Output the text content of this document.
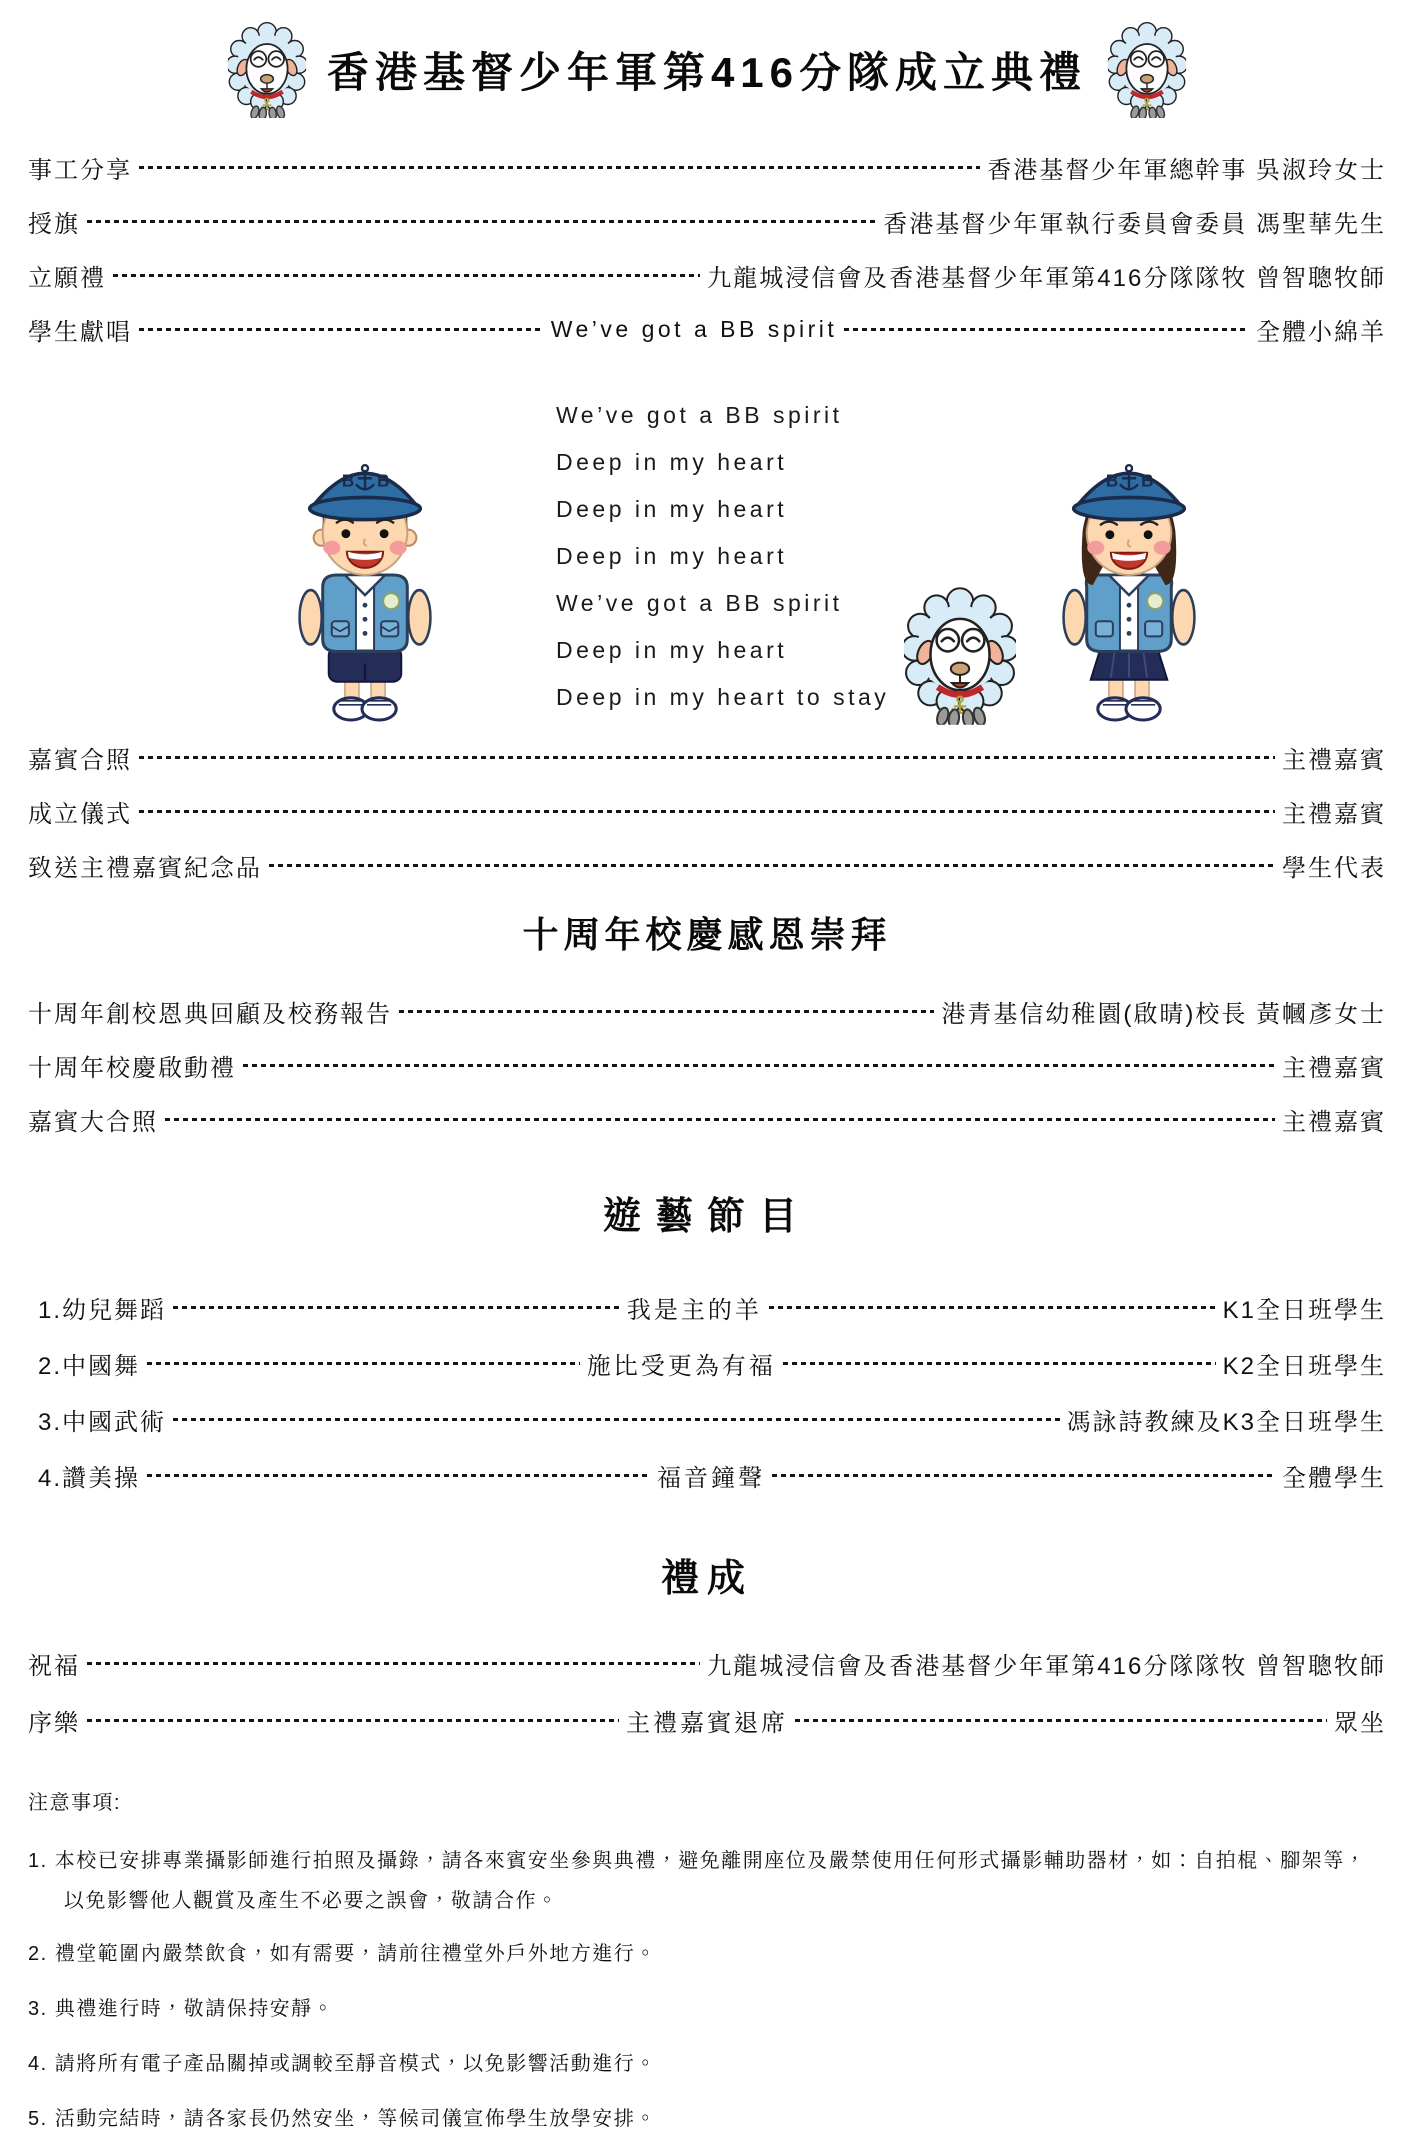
香港基督少年軍第416分隊成立典禮
事工分享	香港基督少年軍總幹事 吳淑玲女士
授旗	香港基督少年軍執行委員會委員 馮聖華先生
立願禮	九龍城浸信會及香港基督少年軍第416分隊隊牧 曾智聰牧師
學生獻唱	We’ve got a BB spirit	全體小綿羊
We’ve got a BB spirit
Deep in my heart
Deep in my heart
Deep in my heart
We’ve got a BB spirit
Deep in my heart
Deep in my heart to stay
嘉賓合照	主禮嘉賓
成立儀式	主禮嘉賓
致送主禮嘉賓紀念品	學生代表
十周年校慶感恩崇拜
十周年創校恩典回顧及校務報告	港青基信幼稚園(啟晴)校長 黃幗彥女士
十周年校慶啟動禮	主禮嘉賓
嘉賓大合照	主禮嘉賓
遊藝節目
1.幼兒舞蹈	我是主的羊	K1全日班學生
2.中國舞	施比受更為有福	K2全日班學生
3.中國武術	馮詠詩教練及K3全日班學生
4.讚美操	福音鐘聲	全體學生
禮成
祝福	九龍城浸信會及香港基督少年軍第416分隊隊牧 曾智聰牧師
序樂	主禮嘉賓退席	眾坐
注意事項:
1. 本校已安排專業攝影師進行拍照及攝錄，請各來賓安坐參與典禮，避免離開座位及嚴禁使用任何形式攝影輔助器材，如：自拍棍、腳架等，以免影響他人觀賞及產生不必要之誤會，敬請合作。
2. 禮堂範圍內嚴禁飲食，如有需要，請前往禮堂外戶外地方進行。
3. 典禮進行時，敬請保持安靜。
4. 請將所有電子產品關掉或調較至靜音模式，以免影響活動進行。
5. 活動完結時，請各家長仍然安坐，等候司儀宣佈學生放學安排。
